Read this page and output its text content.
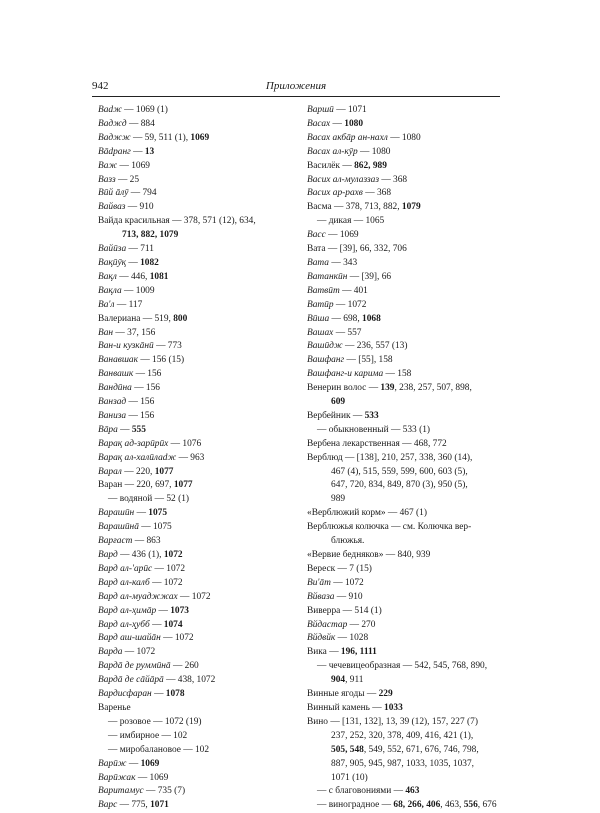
942	Приложения
Ваdж — 1069 (1)
Ваджд — 884
Ваджж — 59, 511 (1), 1069
Вādранг — 13
Важ — 1069
Вазз — 25
Вūй āлӯ — 794
Вайваз — 910
Вайда красильная — 378, 571 (12), 634,
713, 882, 1079
Вайūза — 711
Вақӣӯқ — 1082
Вақл — 446, 1081
Вақла — 1009
Ва'л — 117
Валериана — 519, 800
Ван — 37, 156
Ван-и кузкāнӣ — 773
Ванавшак — 156 (15)
Ванвашк — 156
Вандӣна — 156
Ванзад — 156
Ваниза — 156
Вāра — 555
Варақ ад-зарӣрӣх — 1076
Варақ ал-халӣлаdж — 963
Варал — 220, 1077
Варан — 220, 697, 1077
— водяной — 52 (1)
Варашӣн — 1075
Варашӣнā — 1075
Варғаст — 863
Вард — 436 (1), 1072
Вард ал-'арūс — 1072
Вард ал-калб — 1072
Вард ал-муаджжах — 1072
Вард ал-ҳимāр — 1073
Вард ал-ҳубб — 1074
Вард аш-шайāн — 1072
Варда — 1072
Вардā де руммӣнā — 260
Вардā де сāйāрā — 438, 1072
Вардисфаран — 1078
Варенье
— розовое — 1072 (19)
— имбирное — 102
— миробалановое — 102
Варӣж — 1069
Варӣжак — 1069
Варитамус — 735 (7)
Варс — 775, 1071
Варшӣ — 1071
Васах — 1080
Васах акбāр ан-нахл — 1080
Васах ал-кӯр — 1080
Василёк — 862, 989
Васих ал-мулаззаз — 368
Васих ар-рахв — 368
Васма — 378, 713, 882, 1079
— дикая — 1065
Ваcc — 1069
Вата — [39], 66, 332, 706
Вата — 343
Ватанкӣн — [39], 66
Ватвӣт — 401
Ватӣр — 1072
Вӣша — 698, 1068
Вашах — 557
Вашӣдж — 236, 557 (13)
Вашфанг — [55], 158
Вашфанг-и карима — 158
Венерин волос — 139, 238, 257, 507, 898,
609
Вербейник — 533
— обыкновенный — 533 (1)
Вербена лекарственная — 468, 772
Верблюд — [138], 210, 257, 338, 360 (14),
467 (4), 515, 559, 599, 600, 603 (5),
647, 720, 834, 849, 870 (3), 950 (5),
989
«Верблюжий корм» — 467 (1)
Верблюжья колючка — см. Колючка вер-
блюжья.
«Вервие бедняков» — 840, 939
Вереск — 7 (15)
Ви'āт — 1072
Вйваза — 910
Виверра — 514 (1)
Вйдастар — 270
Вйдвйк — 1028
Вика — 196, 1111
— чечевицеобразная — 542, 545, 768, 890,
904, 911
Винные ягоды — 229
Винный камень — 1033
Вино — [131, 132], 13, 39 (12), 157, 227 (7)
237, 252, 320, 378, 409, 416, 421 (1),
505, 548, 549, 552, 671, 676, 746, 798,
887, 905, 945, 987, 1033, 1035, 1037,
1071 (10)
— с благовониями — 463
— виноградное — 68, 266, 406, 463, 556, 676
